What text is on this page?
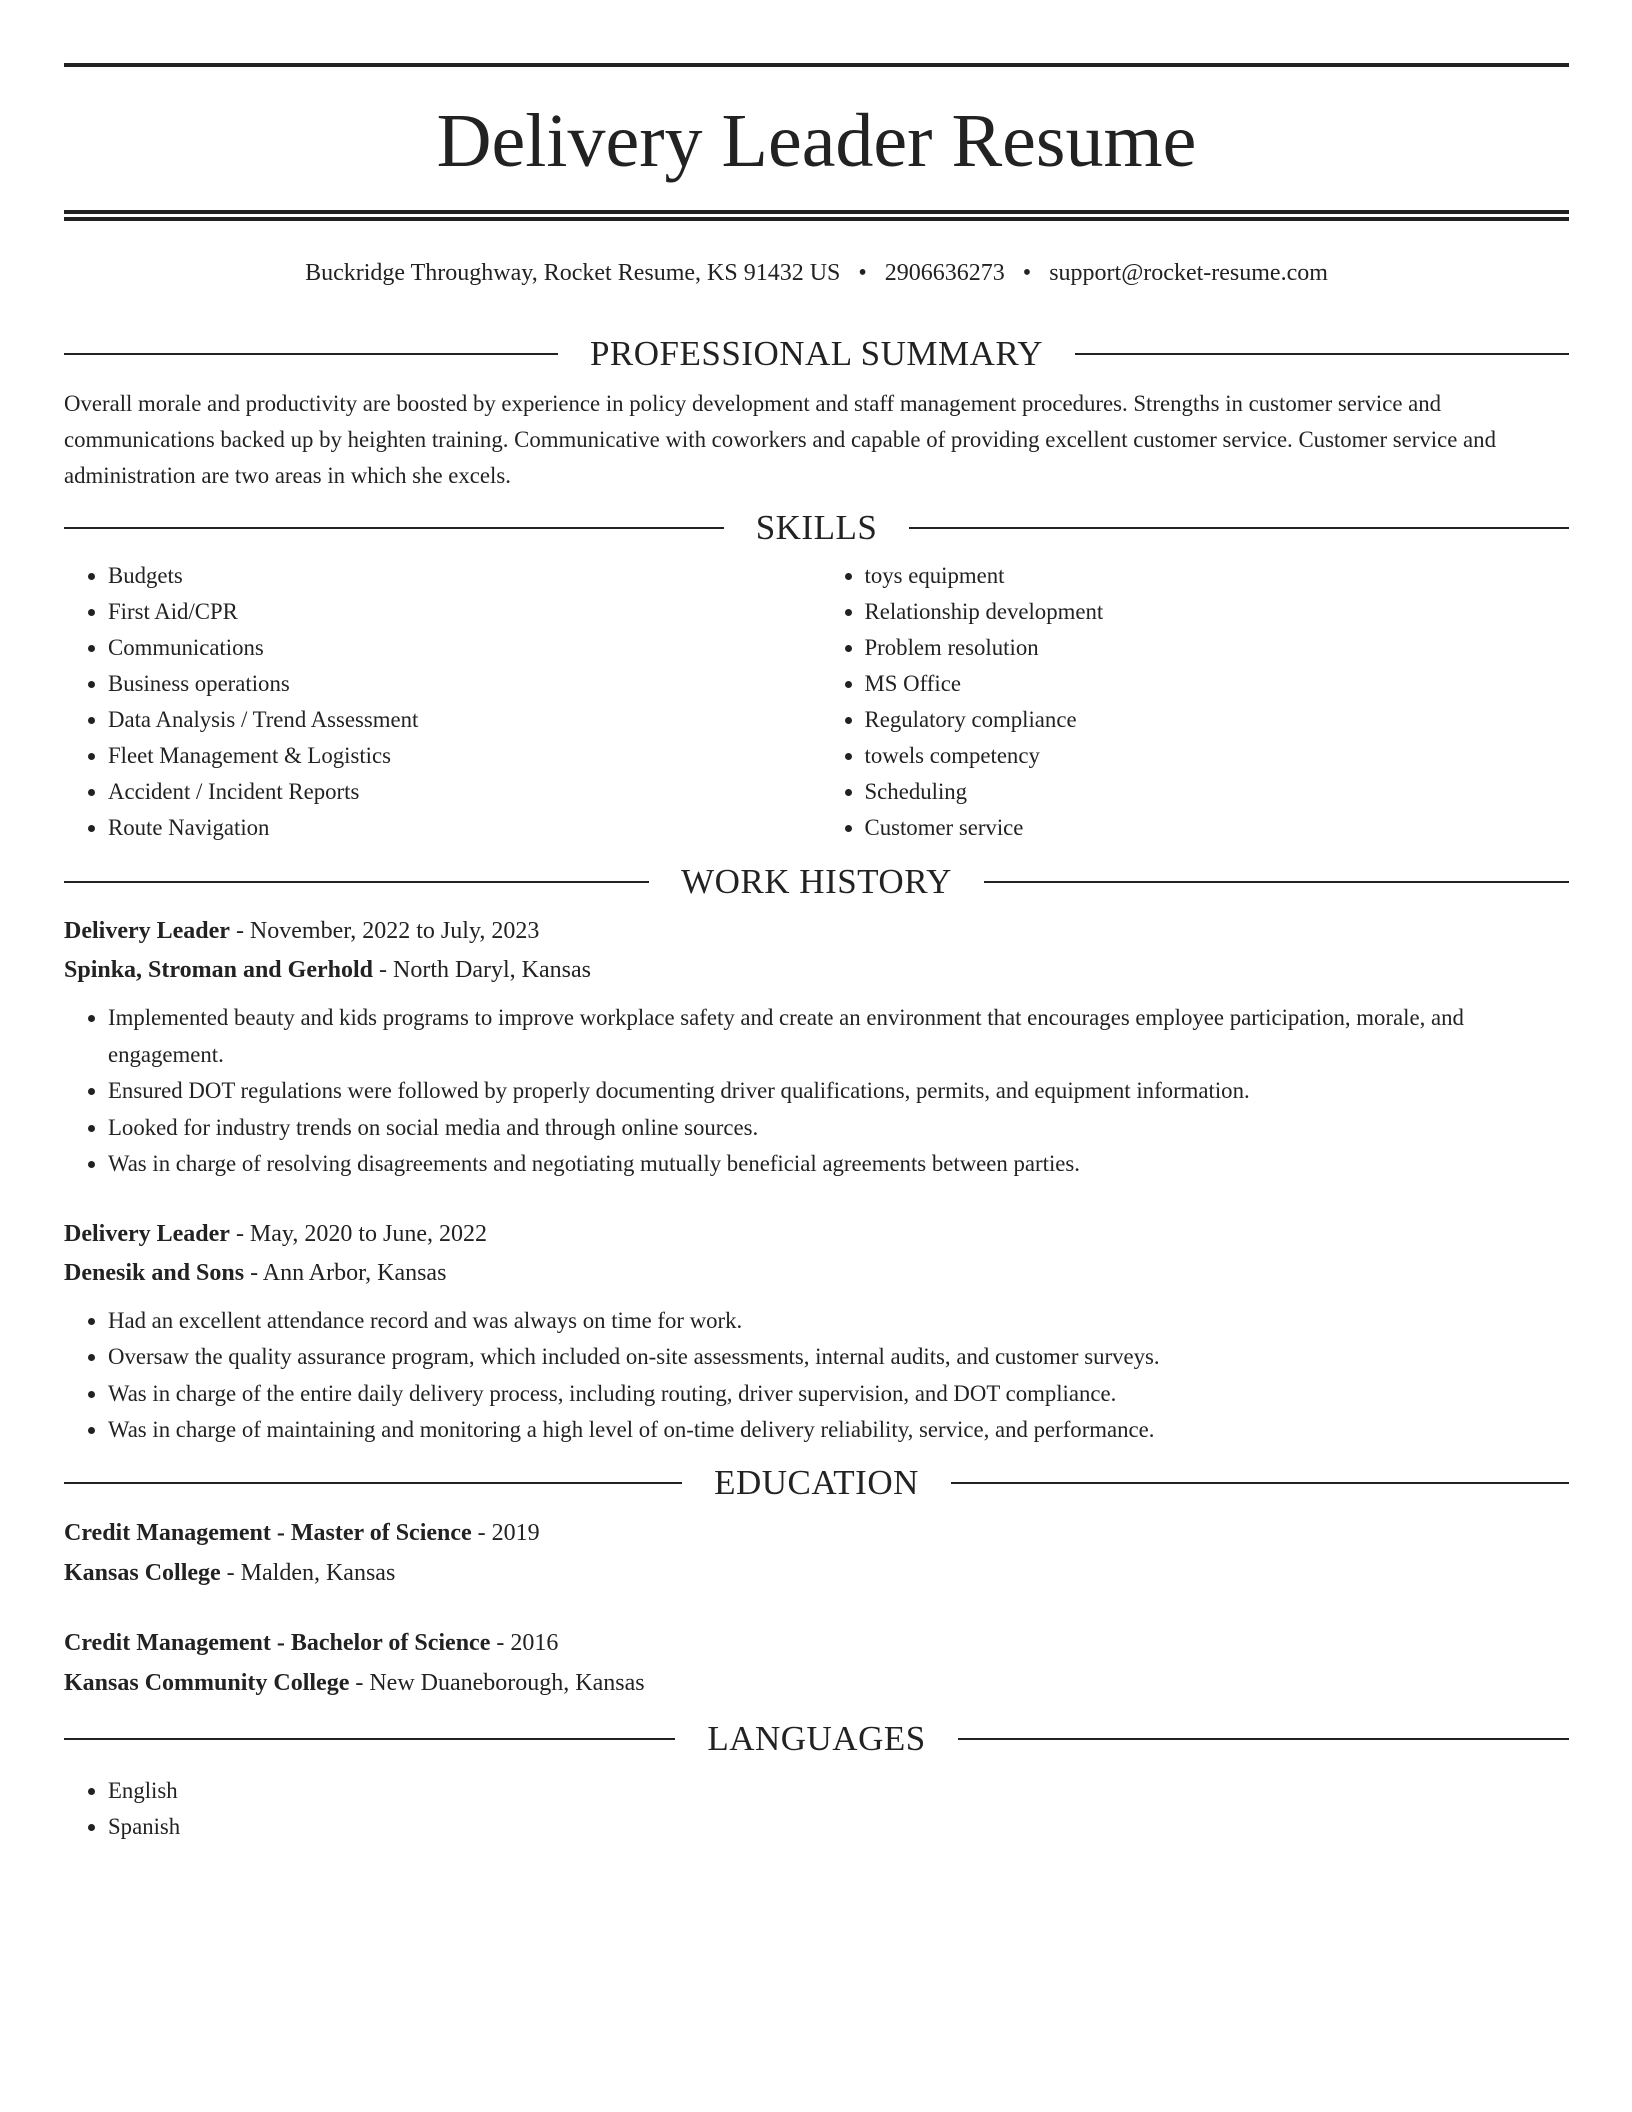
Delivery Leader Resume
Buckridge Throughway, Rocket Resume, KS 91432 US • 2906636273 • support@rocket-resume.com
PROFESSIONAL SUMMARY

Overall morale and productivity are boosted by experience in policy development and staff management procedures. Strengths in customer service and communications backed up by heighten training. Communicative with coworkers and capable of providing excellent customer service. Customer service and administration are two areas in which she excels.

SKILLS
• Budgets
• First Aid/CPR
• Communications
• Business operations
• Data Analysis / Trend Assessment
• Fleet Management & Logistics
• Accident / Incident Reports
• Route Navigation
• toys equipment
• Relationship development
• Problem resolution
• MS Office
• Regulatory compliance
• towels competency
• Scheduling
• Customer service
WORK HISTORY
Delivery Leader - November, 2022 to July, 2023
Spinka, Stroman and Gerhold - North Daryl, Kansas
• Implemented beauty and kids programs to improve workplace safety and create an environment that encourages employee participation, morale, and engagement.
• Ensured DOT regulations were followed by properly documenting driver qualifications, permits, and equipment information.
• Looked for industry trends on social media and through online sources.
• Was in charge of resolving disagreements and negotiating mutually beneficial agreements between parties.
Delivery Leader - May, 2020 to June, 2022
Denesik and Sons - Ann Arbor, Kansas
• Had an excellent attendance record and was always on time for work.
• Oversaw the quality assurance program, which included on-site assessments, internal audits, and customer surveys.
• Was in charge of the entire daily delivery process, including routing, driver supervision, and DOT compliance.
• Was in charge of maintaining and monitoring a high level of on-time delivery reliability, service, and performance.
EDUCATION
Credit Management - Master of Science - 2019
Kansas College - Malden, Kansas
Credit Management - Bachelor of Science - 2016
Kansas Community College - New Duaneborough, Kansas
LANGUAGES
• English
• Spanish
